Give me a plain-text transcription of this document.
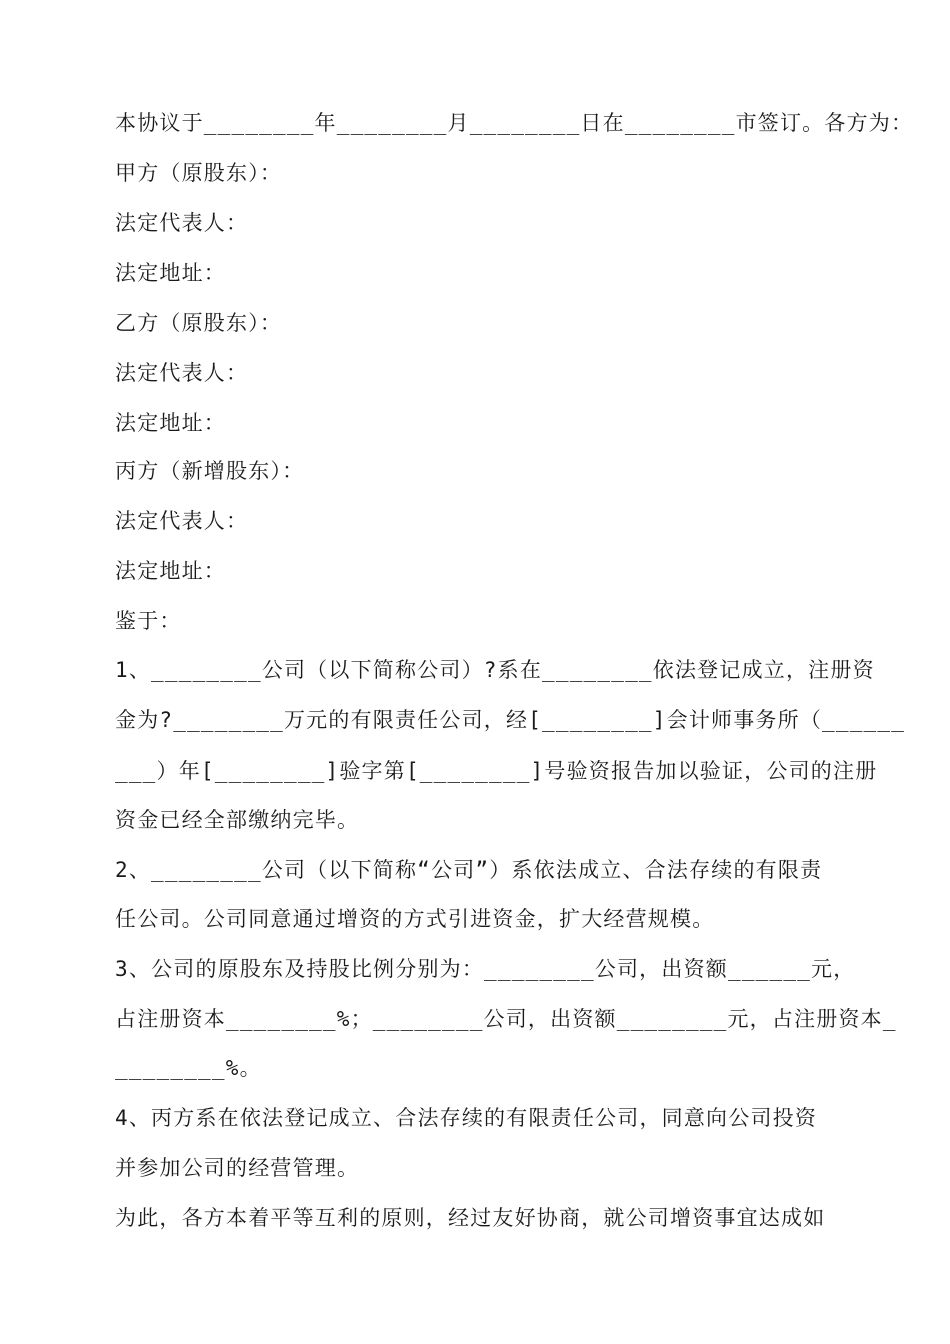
本协议于________年________月________日在________市签订。各方为：
甲方（原股东）：
法定代表人：
法定地址：
乙方（原股东）：
法定代表人：
法定地址：
丙方（新增股东）：
法定代表人：
法定地址：
鉴于：
1、________公司（以下简称公司）?系在________依法登记成立，注册资
金为?________万元的有限责任公司，经[________]会计师事务所（______
___）年[________]验字第[________]号验资报告加以验证，公司的注册
资金已经全部缴纳完毕。
2、________公司（以下简称“公司”）系依法成立、合法存续的有限责
任公司。公司同意通过增资的方式引进资金，扩大经营规模。
3、公司的原股东及持股比例分别为：________公司，出资额______元，
占注册资本________%；________公司，出资额________元，占注册资本_
________%。
4、丙方系在依法登记成立、合法存续的有限责任公司，同意向公司投资
并参加公司的经营管理。
为此，各方本着平等互利的原则，经过友好协商，就公司增资事宜达成如
